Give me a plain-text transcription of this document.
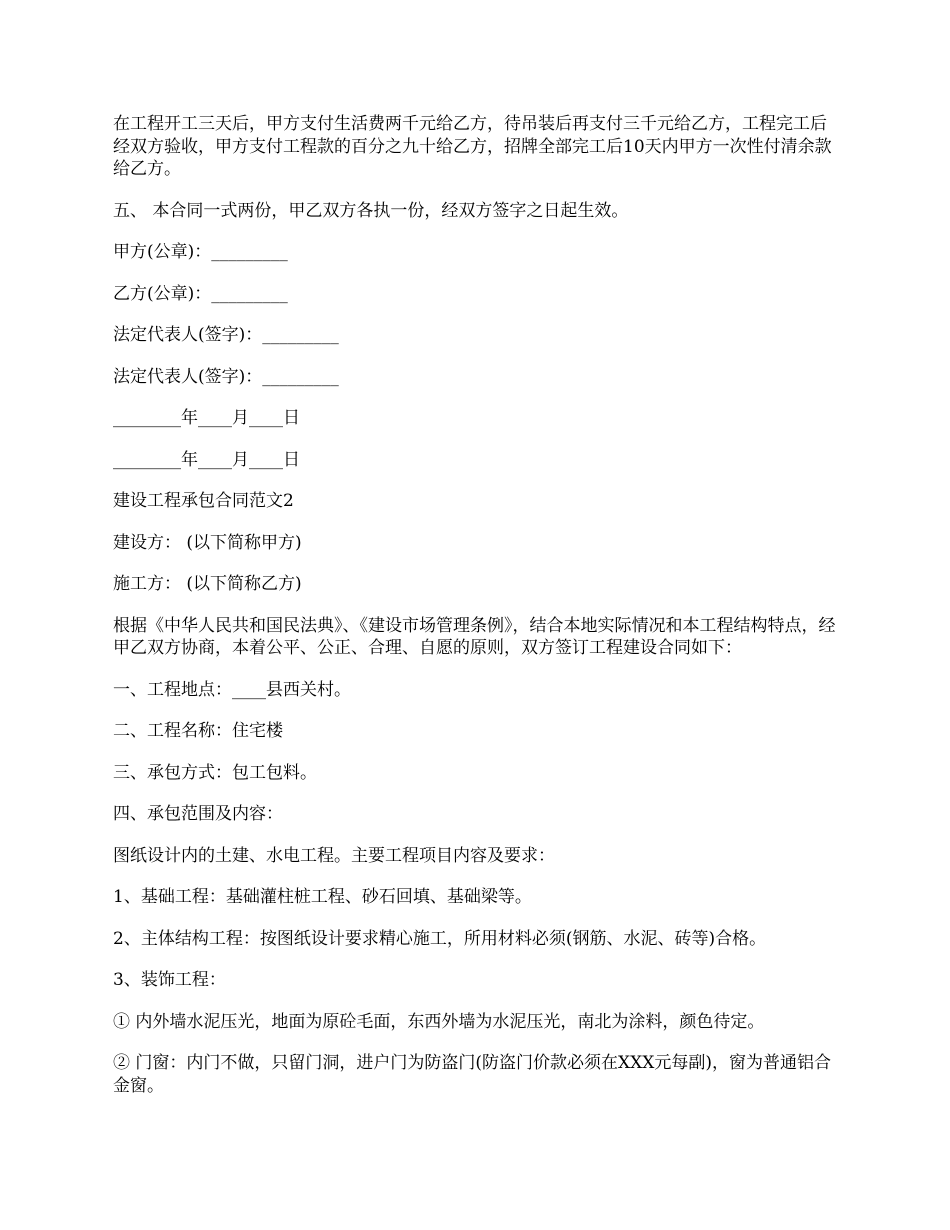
在工程开工三天后，甲方支付生活费两千元给乙方，待吊装后再支付三千元给乙方，工程完工后经双方验收，甲方支付工程款的百分之九十给乙方，招牌全部完工后10天内甲方一次性付清余款给乙方。

五、 本合同一式两份，甲乙双方各执一份，经双方签字之日起生效。

甲方(公章)：_________

乙方(公章)：_________

法定代表人(签字)：_________

法定代表人(签字)：_________

________年____月____日

________年____月____日

建设工程承包合同范文2

建设方： (以下简称甲方)

施工方： (以下简称乙方)

根据《中华人民共和国民法典》、《建设市场管理条例》，结合本地实际情况和本工程结构特点，经甲乙双方协商，本着公平、公正、合理、自愿的原则，双方签订工程建设合同如下：

一、工程地点：____县西关村。

二、工程名称：住宅楼

三、承包方式：包工包料。

四、承包范围及内容：

图纸设计内的土建、水电工程。主要工程项目内容及要求：

1、基础工程：基础灌柱桩工程、砂石回填、基础梁等。

2、主体结构工程：按图纸设计要求精心施工，所用材料必须(钢筋、水泥、砖等)合格。

3、装饰工程：

① 内外墙水泥压光，地面为原砼毛面，东西外墙为水泥压光，南北为涂料，颜色待定。

② 门窗：内门不做，只留门洞，进户门为防盗门(防盗门价款必须在XXX元每副)，窗为普通铝合金窗。
